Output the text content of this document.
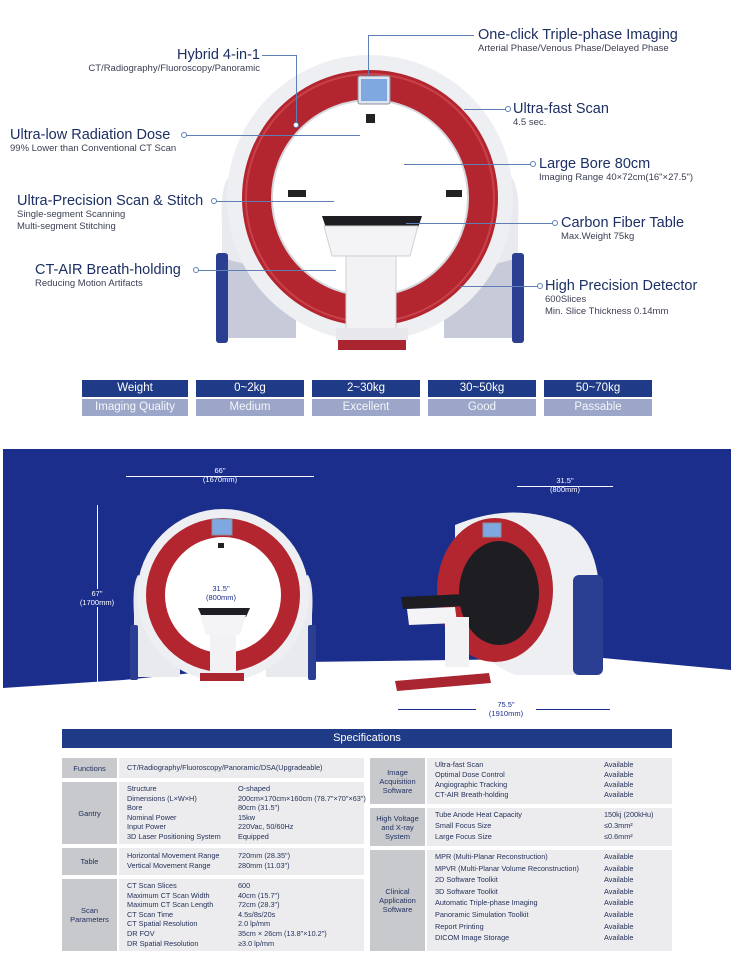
Hybrid 4-in-1
CT/Radiography/Fluoroscopy/Panoramic
Ultra-low Radiation Dose
99% Lower than Conventional CT Scan
Ultra-Precision Scan & Stitch
Single-segment Scanning
Multi-segment Stitching
CT-AIR Breath-holding
Reducing Motion Artifacts
One-click Triple-phase Imaging
Arterial Phase/Venous Phase/Delayed Phase
Ultra-fast Scan
4.5 sec.
Large Bore 80cm
Imaging Range 40×72cm(16"×27.5")
Carbon Fiber Table
Max.Weight 75kg
High Precision Detector
600Slices
Min. Slice Thickness 0.14mm
Weight	0~2kg	2~30kg	30~50kg	50~70kg
Imaging Quality	Medium	Excellent	Good	Passable
66"
(1670mm)
67"
(1700mm)
31.5"
(800mm)
31.5"
(800mm)
75.5"
(1910mm)
Specifications
Functions	CT/Radiography/Fluoroscopy/Panoramic/DSA(Upgradeable)
Gantry
Structure	O-shaped
Dimensions (L×W×H)	200cm×170cm×160cm (78.7"×70"×63")
Bore	80cm (31.5")
Nominal Power	15kw
Input Power	220Vac, 50/60Hz
3D Laser Positioning System Equipped
Table
Horizontal Movement Range	720mm (28.35")
Vertical Movement Range	280mm (11.03")
Scan
Parameters
CT Scan Slices	600
Maximum CT Scan Width	40cm (15.7")
Maximum CT Scan Length	72cm (28.3")
CT Scan Time	4.5s/8s/20s
CT Spatial Resolution	2.0 lp/mm
DR FOV	35cm × 26cm (13.8"×10.2")
DR Spatial Resolution	≥3.0 lp/mm
Image
Acquisition
Software
Ultra-fast Scan	Available
Optimal Dose Control	Available
Angiographic Tracking	Available
CT-AIR Breath-holding	Available
High Voltage
and X-ray
System
Tube Anode Heat Capacity	150kj (200kHu)
Small Focus Size	≤0.3mm²
Large Focus Size	≤0.6mm²
Clinical
Application
Software
MPR (Multi-Planar Reconstruction)	Available
MPVR (Multi-Planar Volume Reconstruction)	Available
2D Software Toolkit	Available
3D Software Toolkit	Available
Automatic Triple-phase Imaging	Available
Panoramic Simulation Toolkit	Available
Report Printing	Available
DICOM Image Storage	Available
